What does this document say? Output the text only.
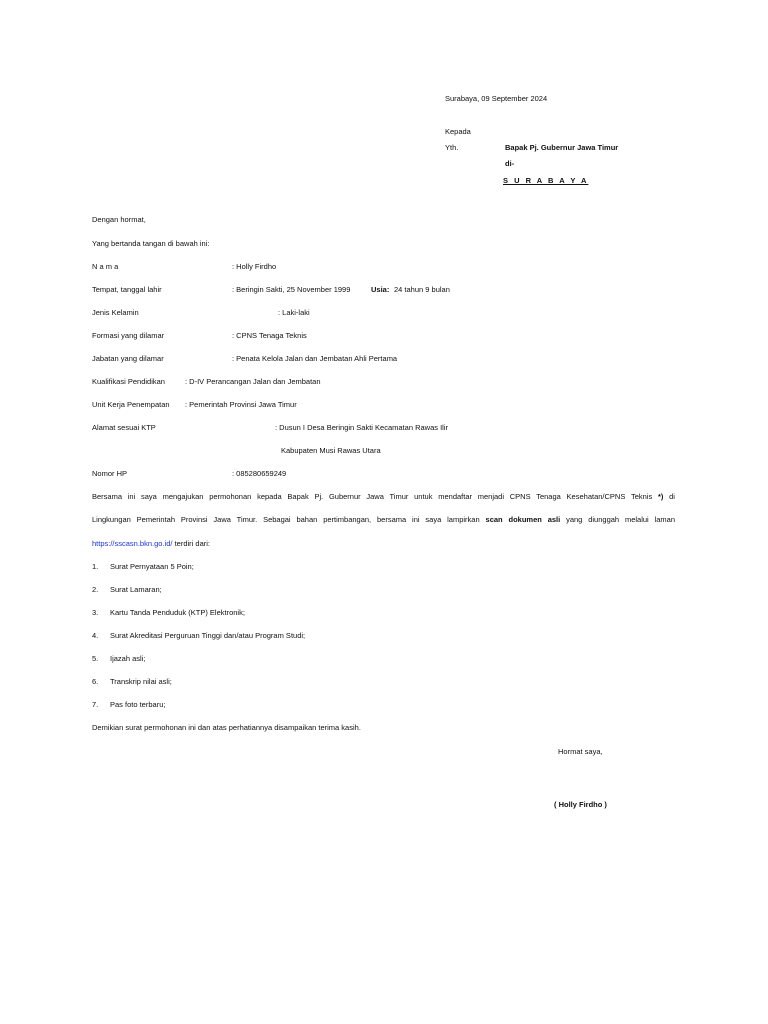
Surabaya, 09 September 2024
Kepada
Yth.	Bapak Pj. Gubernur Jawa Timur
di-
S U R A B A Y A
Dengan hormat,
Yang bertanda tangan di bawah ini:
N a m a	: Holly Firdho
Tempat, tanggal lahir	: Beringin Sakti, 25 November 1999	Usia: 24 tahun 9 bulan
Jenis Kelamin	: Laki-laki
Formasi yang dilamar	: CPNS Tenaga Teknis
Jabatan yang dilamar	: Penata Kelola Jalan dan Jembatan Ahli Pertama
Kualifikasi Pendidikan	: D-IV Perancangan Jalan dan Jembatan
Unit Kerja Penempatan : Pemerintah Provinsi Jawa Timur
Alamat sesuai KTP	: Dusun I Desa Beringin Sakti Kecamatan Rawas Ilir
Kabupaten Musi Rawas Utara
Nomor HP	: 085280659249
Bersama ini saya mengajukan permohonan kepada Bapak Pj. Gubernur Jawa Timur untuk mendaftar menjadi CPNS Tenaga Kesehatan/CPNS Teknis *) di
Lingkungan Pemerintah Provinsi Jawa Timur. Sebagai bahan pertimbangan, bersama ini saya lampirkan scan dokumen asli yang diunggah melalui laman
https://sscasn.bkn.go.id/ terdiri dari:
1. Surat Pernyataan 5 Poin;
2. Surat Lamaran;
3. Kartu Tanda Penduduk (KTP) Elektronik;
4. Surat Akreditasi Perguruan Tinggi dan/atau Program Studi;
5. Ijazah asli;
6. Transkrip nilai asli;
7. Pas foto terbaru;
Demikian surat permohonan ini dan atas perhatiannya disampaikan terima kasih.
Hormat saya,
( Holly Firdho )
